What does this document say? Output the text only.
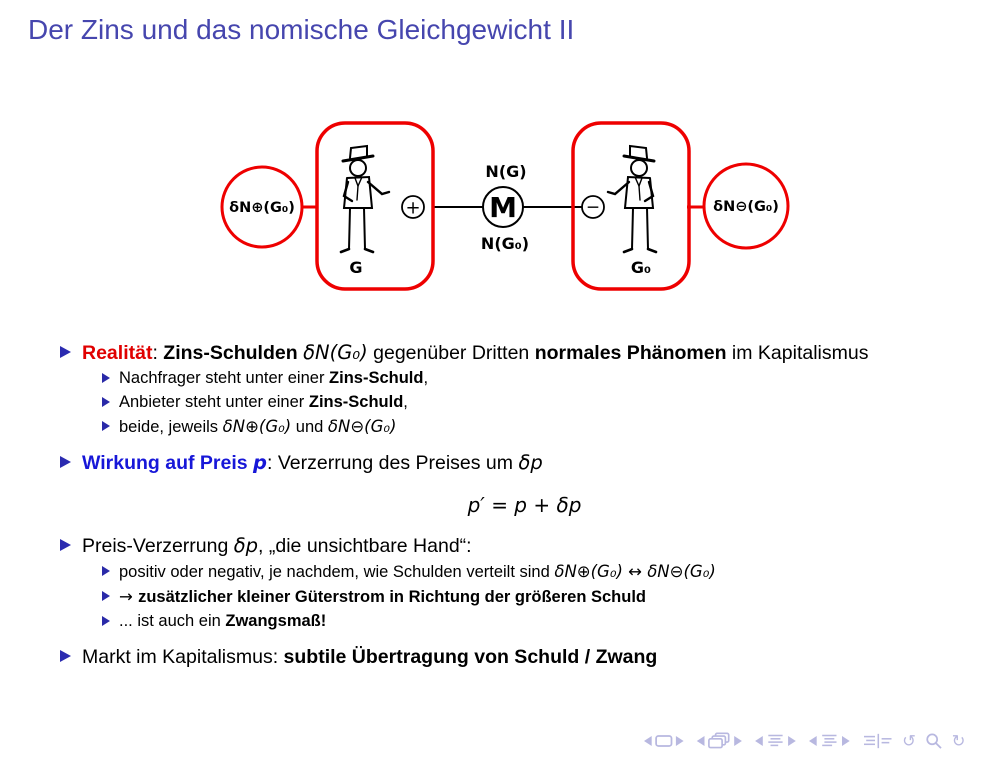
Der Zins und das nomische Gleichgewicht II
δN⊕(G₀)
G
+
N(G)
M
N(G₀)
−
G₀
δN⊖(G₀)
Realität: Zins-Schulden δN(G₀) gegenüber Dritten normales Phänomen im Kapitalismus
Nachfrager steht unter einer Zins-Schuld,
Anbieter steht unter einer Zins-Schuld,
beide, jeweils δN⊕(G₀) und δN⊖(G₀)
Wirkung auf Preis p: Verzerrung des Preises um δp
p′ = p + δp
Preis-Verzerrung δp, „die unsichtbare Hand“:
positiv oder negativ, je nachdem, wie Schulden verteilt sind δN⊕(G₀) ↔ δN⊖(G₀)
→ zusätzlicher kleiner Güterstrom in Richtung der größeren Schuld
... ist auch ein Zwangsmaß!
Markt im Kapitalismus: subtile Übertragung von Schuld / Zwang
↺ ↻
